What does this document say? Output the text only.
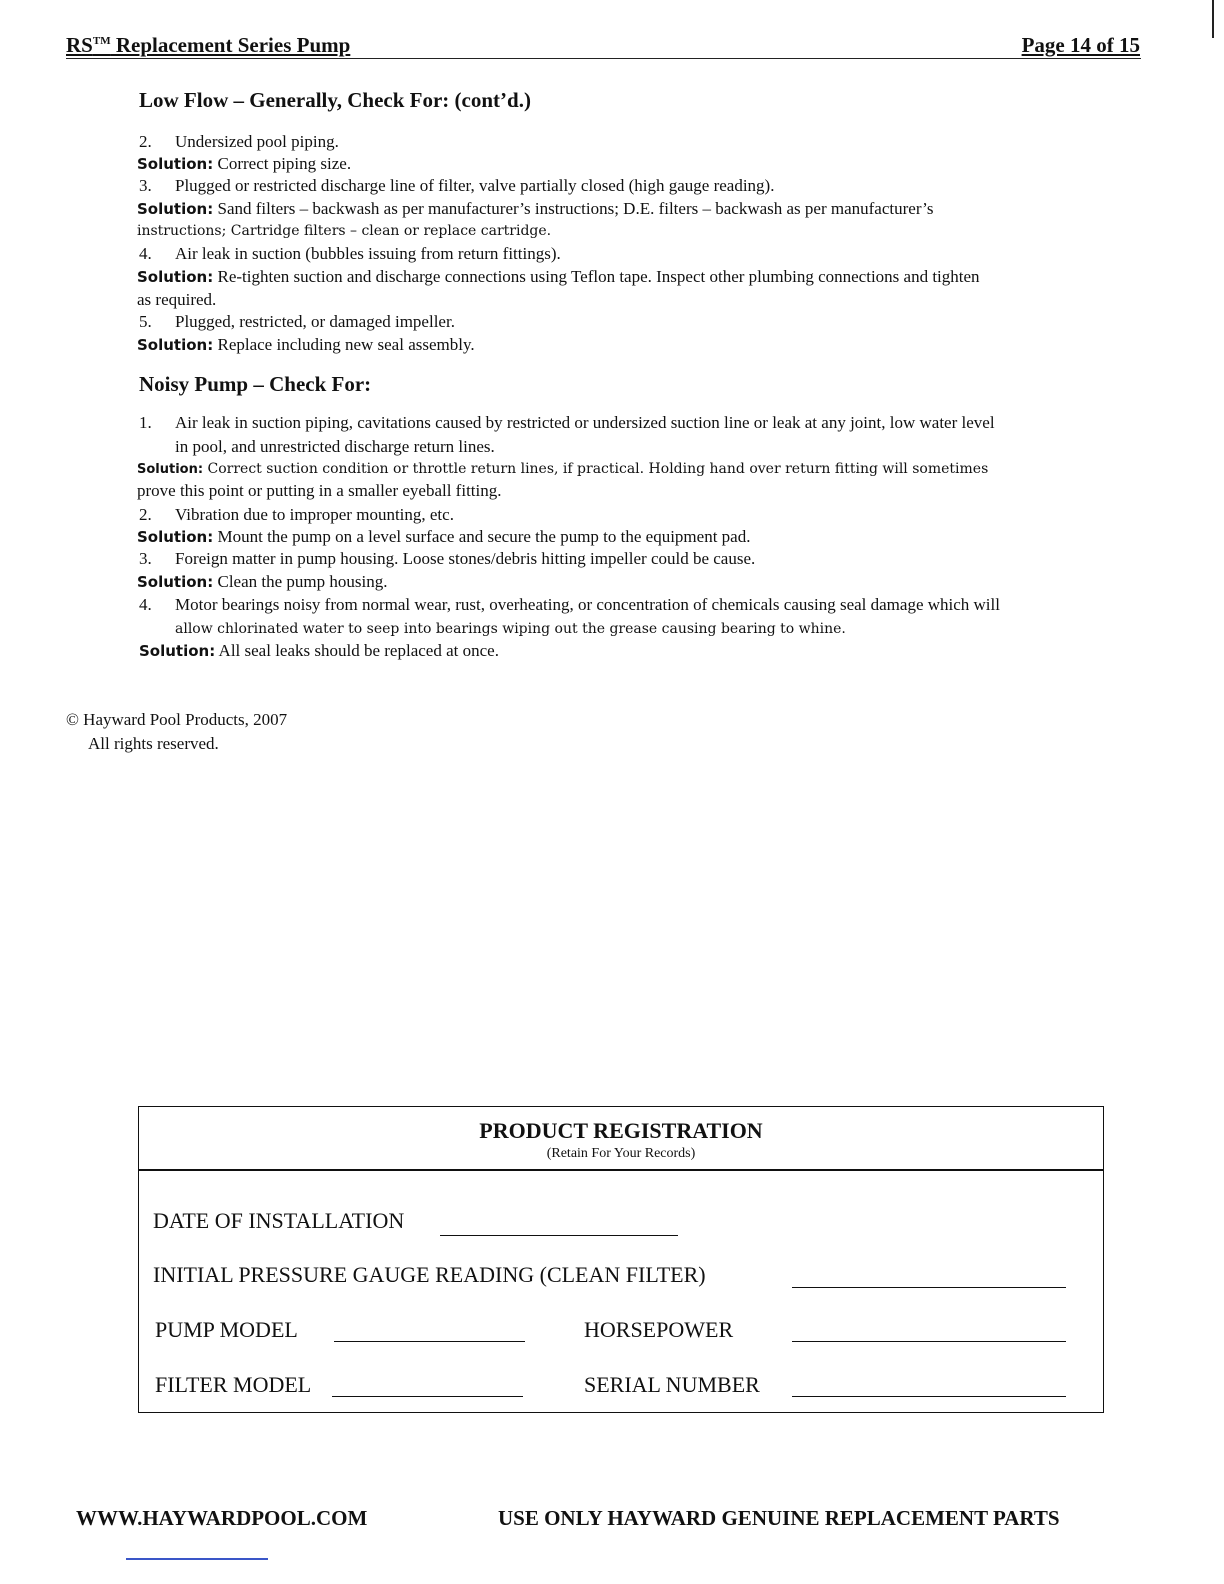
RS™ Replacement Series Pump	Page 14 of 15
Low Flow – Generally, Check For: (cont’d.)
2. Undersized pool piping.
Solution: Correct piping size.
3. Plugged or restricted discharge line of filter, valve partially closed (high gauge reading).
Solution: Sand filters – backwash as per manufacturer’s instructions; D.E. filters – backwash as per manufacturer’s
instructions; Cartridge filters – clean or replace cartridge.
4. Air leak in suction (bubbles issuing from return fittings).
Solution: Re-tighten suction and discharge connections using Teflon tape. Inspect other plumbing connections and tighten
as required.
5. Plugged, restricted, or damaged impeller.
Solution: Replace including new seal assembly.
Noisy Pump – Check For:
1. Air leak in suction piping, cavitations caused by restricted or undersized suction line or leak at any joint, low water level
in pool, and unrestricted discharge return lines.
Solution: Correct suction condition or throttle return lines, if practical. Holding hand over return fitting will sometimes
prove this point or putting in a smaller eyeball fitting.
2. Vibration due to improper mounting, etc.
Solution: Mount the pump on a level surface and secure the pump to the equipment pad.
3. Foreign matter in pump housing. Loose stones/debris hitting impeller could be cause.
Solution: Clean the pump housing.
4. Motor bearings noisy from normal wear, rust, overheating, or concentration of chemicals causing seal damage which will
allow chlorinated water to seep into bearings wiping out the grease causing bearing to whine.
Solution: All seal leaks should be replaced at once.
© Hayward Pool Products, 2007
All rights reserved.
PRODUCT REGISTRATION
(Retain For Your Records)
DATE OF INSTALLATION
INITIAL PRESSURE GAUGE READING (CLEAN FILTER)
PUMP MODEL	HORSEPOWER
FILTER MODEL	SERIAL NUMBER
WWW.HAYWARDPOOL.COM	USE ONLY HAYWARD GENUINE REPLACEMENT PARTS
